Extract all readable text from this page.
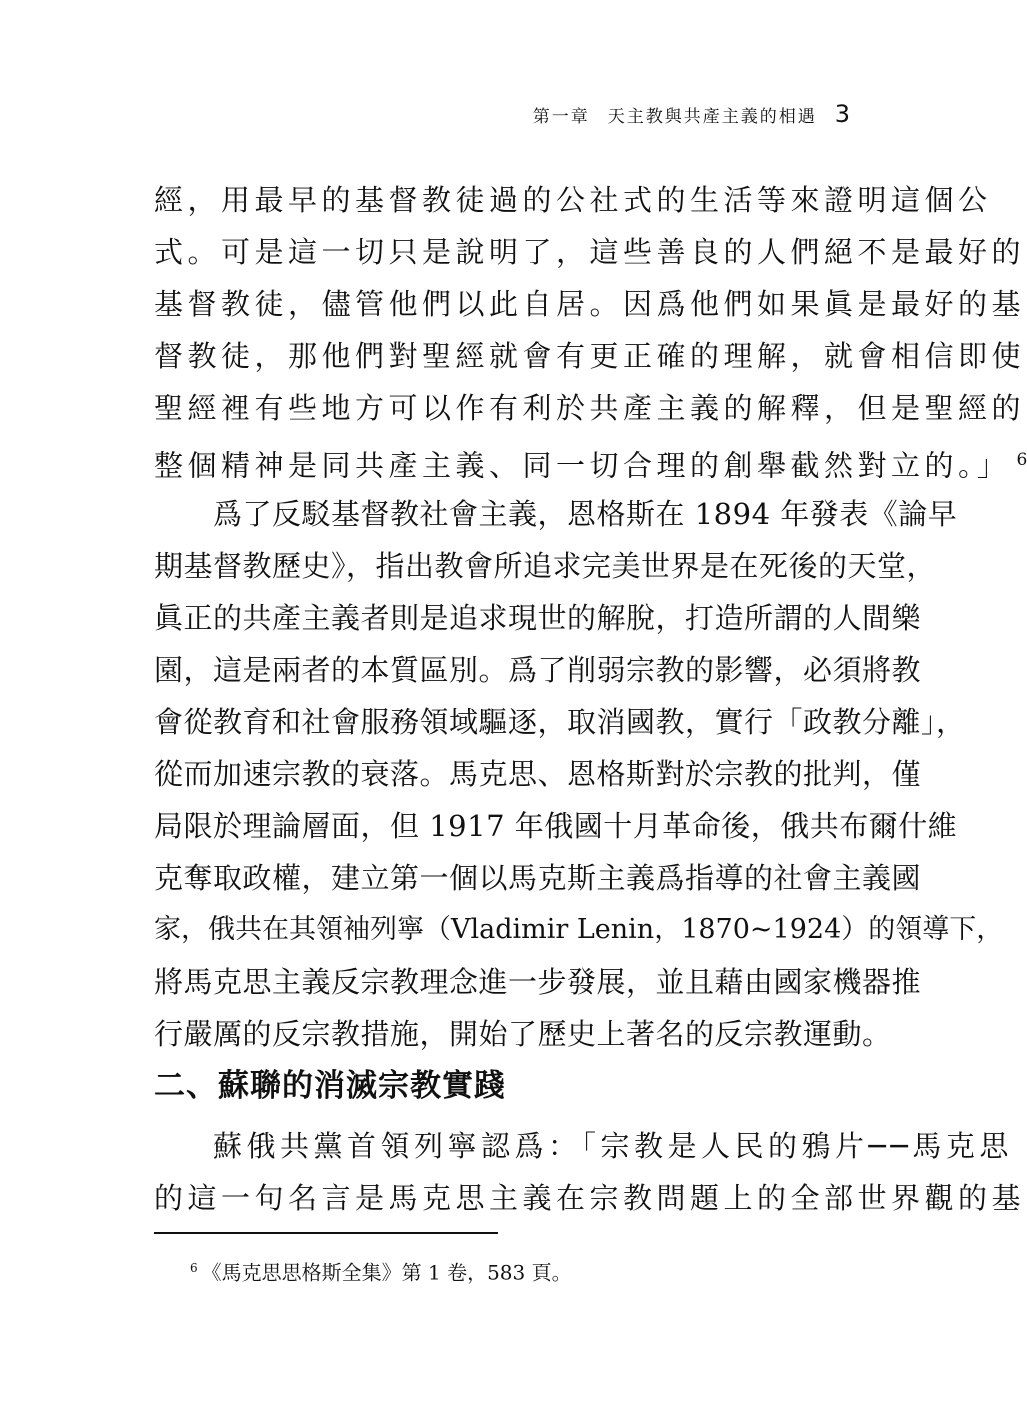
第一章 天主教與共產主義的相遇 3
經，用最早的基督教徒過的公社式的生活等來證明這個公
式。可是這一切只是說明了，這些善良的人們絕不是最好的
基督教徒，儘管他們以此自居。因爲他們如果眞是最好的基
督教徒，那他們對聖經就會有更正確的理解，就會相信即使
聖經裡有些地方可以作有利於共產主義的解釋，但是聖經的
整個精神是同共產主義、同一切合理的創舉截然對立的。」 $^6$
爲了反駁基督教社會主義，恩格斯在 1894 年發表《論早
期基督教歷史》，指出教會所追求完美世界是在死後的天堂，
眞正的共產主義者則是追求現世的解脫，打造所謂的人間樂
園，這是兩者的本質區別。爲了削弱宗教的影響，必須將教
會從教育和社會服務領域驅逐，取消國教，實行「政教分離」，
從而加速宗教的衰落。馬克思、恩格斯對於宗教的批判，僅
局限於理論層面，但 1917 年俄國十月革命後，俄共布爾什維
克奪取政權，建立第一個以馬克斯主義爲指導的社會主義國
家，俄共在其領袖列寧（Vladimir Lenin，1870~1924）的領導下，
將馬克思主義反宗教理念進一步發展，並且藉由國家機器推
行嚴厲的反宗教措施，開始了歷史上著名的反宗教運動。
二、蘇聯的消滅宗教實踐
蘇俄共黨首領列寧認爲：「宗教是人民的鴉片──馬克思
的這一句名言是馬克思主義在宗教問題上的全部世界觀的基
$^6$ 《馬克思思格斯全集》第 1 卷，583 頁。
